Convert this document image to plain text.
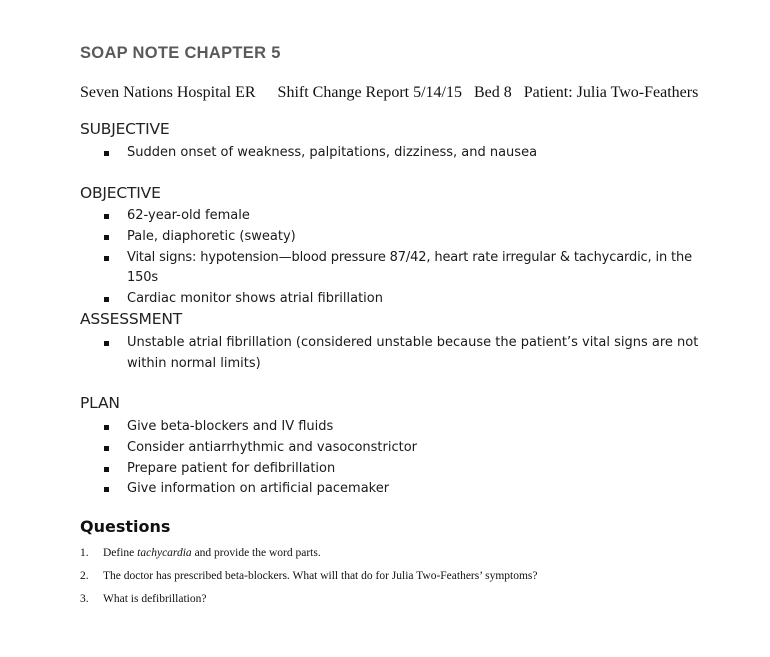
SOAP NOTE CHAPTER 5
Seven Nations Hospital ER Shift Change Report 5/14/15 Bed 8 Patient: Julia Two-Feathers
SUBJECTIVE
Sudden onset of weakness, palpitations, dizziness, and nausea
OBJECTIVE
62-year-old female
Pale, diaphoretic (sweaty)
Vital signs: hypotension—blood pressure 87/42, heart rate irregular & tachycardic, in the 150s
Cardiac monitor shows atrial fibrillation
ASSESSMENT
Unstable atrial fibrillation (considered unstable because the patient’s vital signs are not within normal limits)
PLAN
Give beta-blockers and IV fluids
Consider antiarrhythmic and vasoconstrictor
Prepare patient for defibrillation
Give information on artificial pacemaker
Questions
1. Define tachycardia and provide the word parts.
2. The doctor has prescribed beta-blockers. What will that do for Julia Two-Feathers’ symptoms?
3. What is defibrillation?
